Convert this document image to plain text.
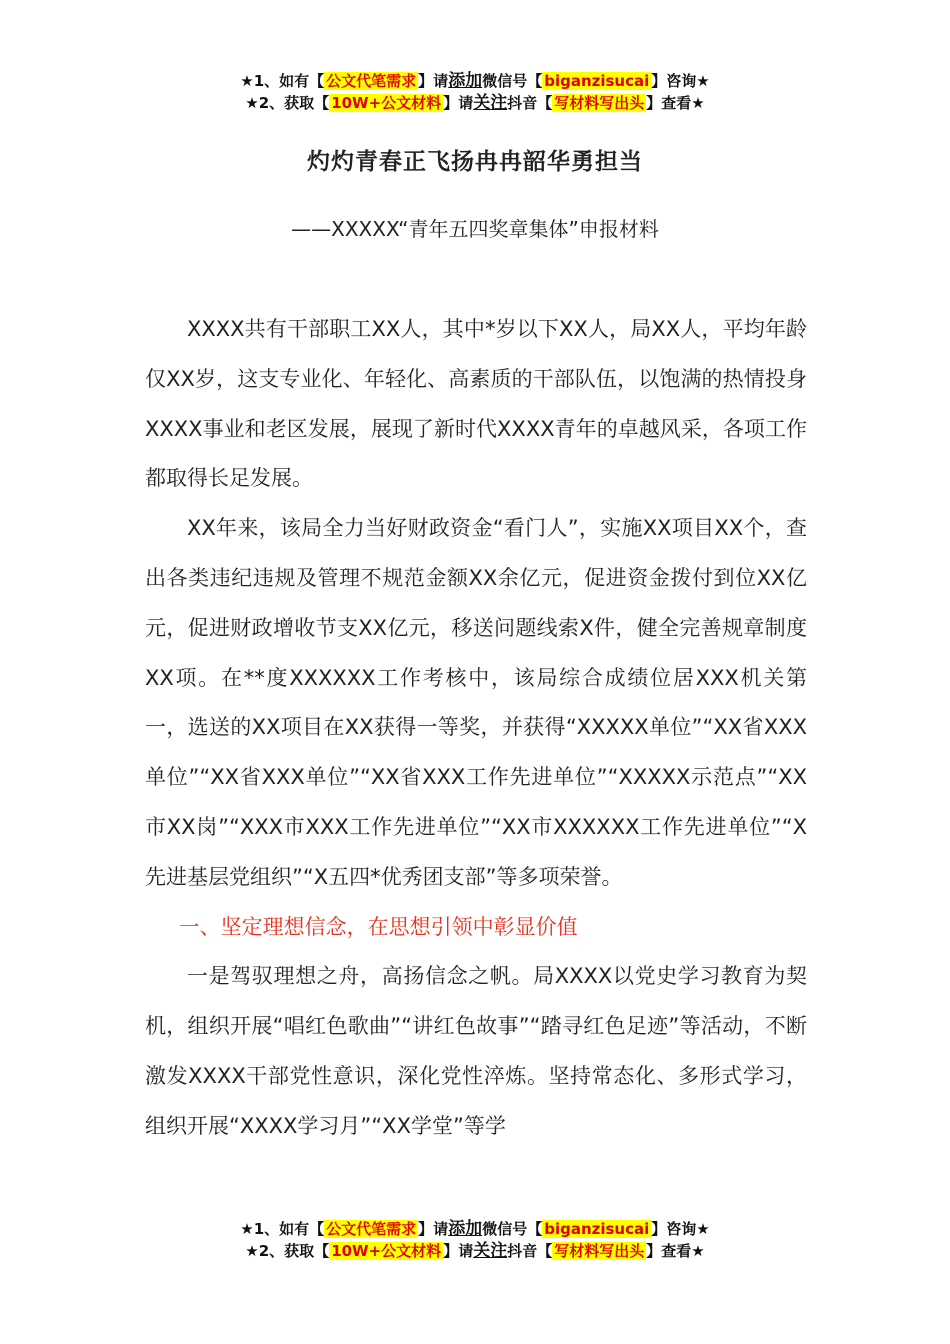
★1、如有【 公文代笔需求 】请添加微信号【 biganzisucai 】咨询★
★2、获取【 10W+公文材料 】请关注抖音【 写材料写出头 】查看★
灼灼青春正飞扬冉冉韶华勇担当
——XXXXX“青年五四奖章集体”申报材料

XXXX共有干部职工XX人，其中*岁以下XX人，局XX人，平均年龄仅XX岁，这支专业化、年轻化、高素质的干部队伍，以饱满的热情投身XXXX事业和老区发展，展现了新时代XXXX青年的卓越风采，各项工作都取得长足发展。

XX年来，该局全力当好财政资金“看门人”，实施XX项目XX个，查出各类违纪违规及管理不规范金额XX余亿元，促进资金拨付到位XX亿元，促进财政增收节支XX亿元，移送问题线索X件，健全完善规章制度XX项。在**度XXXXXX工作考核中，该局综合成绩位居XXX机关第一，选送的XX项目在XX获得一等奖，并获得“XXXXX单位”“XX省XXX单位”“XX省XXX单位”“XX省XXX工作先进单位”“XXXXX示范点”“XX市XX岗”“XXX市XXX工作先进单位”“XX市XXXXXX工作先进单位”“X先进基层党组织”“X五四*优秀团支部”等多项荣誉。

一、坚定理想信念，在思想引领中彰显价值

一是驾驭理想之舟，高扬信念之帆。局XXXX以党史学习教育为契机，组织开展“唱红色歌曲”“讲红色故事”“踏寻红色足迹”等活动，不断激发XXXX干部党性意识，深化党性淬炼。坚持常态化、多形式学习，组织开展“XXXX学习月”“XX学堂”等学

★1、如有【 公文代笔需求 】请添加微信号【 biganzisucai 】咨询★
★2、获取【 10W+公文材料 】请关注抖音【 写材料写出头 】查看★
